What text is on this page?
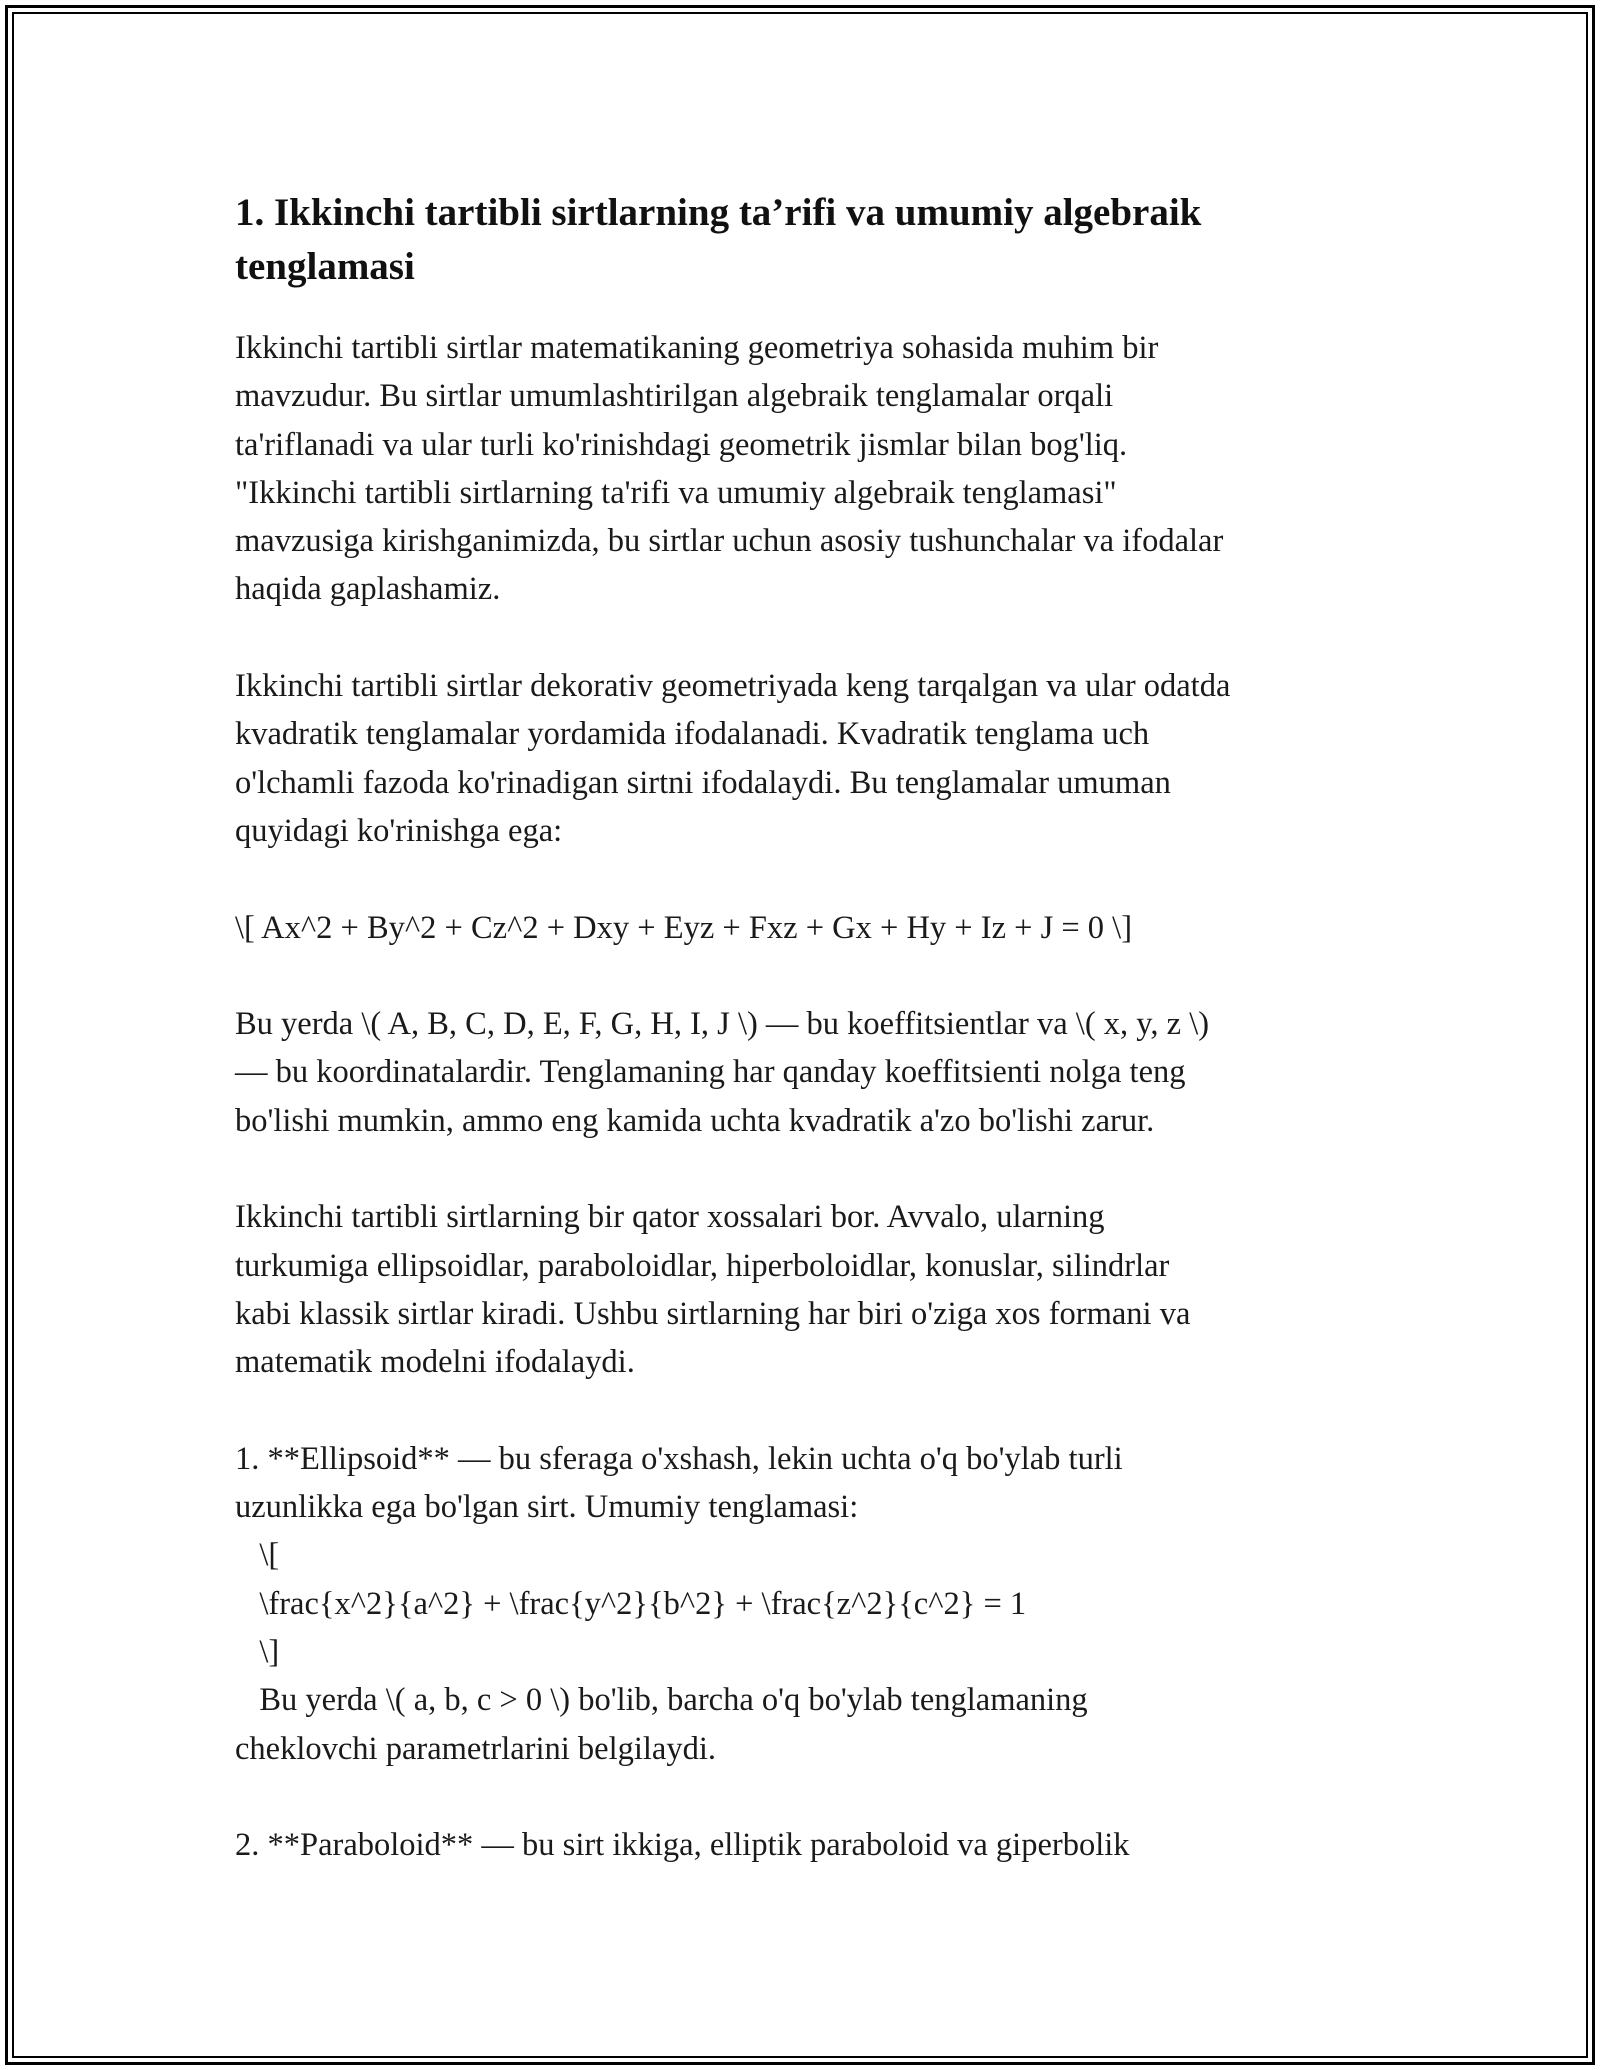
1. Ikkinchi tartibli sirtlarning ta’rifi va umumiy algebraik
tenglamasi
Ikkinchi tartibli sirtlar matematikaning geometriya sohasida muhim bir
mavzudur. Bu sirtlar umumlashtirilgan algebraik tenglamalar orqali
ta'riflanadi va ular turli ko'rinishdagi geometrik jismlar bilan bog'liq.
"Ikkinchi tartibli sirtlarning ta'rifi va umumiy algebraik tenglamasi"
mavzusiga kirishganimizda, bu sirtlar uchun asosiy tushunchalar va ifodalar
haqida gaplashamiz.
Ikkinchi tartibli sirtlar dekorativ geometriyada keng tarqalgan va ular odatda
kvadratik tenglamalar yordamida ifodalanadi. Kvadratik tenglama uch
o'lchamli fazoda ko'rinadigan sirtni ifodalaydi. Bu tenglamalar umuman
quyidagi ko'rinishga ega:
\[ Ax^2 + By^2 + Cz^2 + Dxy + Eyz + Fxz + Gx + Hy + Iz + J = 0 \]
Bu yerda \( A, B, C, D, E, F, G, H, I, J \) — bu koeffitsientlar va \( x, y, z \)
— bu koordinatalardir. Tenglamaning har qanday koeffitsienti nolga teng
bo'lishi mumkin, ammo eng kamida uchta kvadratik a'zo bo'lishi zarur.
Ikkinchi tartibli sirtlarning bir qator xossalari bor. Avvalo, ularning
turkumiga ellipsoidlar, paraboloidlar, hiperboloidlar, konuslar, silindrlar
kabi klassik sirtlar kiradi. Ushbu sirtlarning har biri o'ziga xos formani va
matematik modelni ifodalaydi.
1. **Ellipsoid** — bu sferaga o'xshash, lekin uchta o'q bo'ylab turli
uzunlikka ega bo'lgan sirt. Umumiy tenglamasi:
\[
\frac{x^2}{a^2} + \frac{y^2}{b^2} + \frac{z^2}{c^2} = 1
\]
Bu yerda \( a, b, c > 0 \) bo'lib, barcha o'q bo'ylab tenglamaning
cheklovchi parametrlarini belgilaydi.
2. **Paraboloid** — bu sirt ikkiga, elliptik paraboloid va giperbolik
